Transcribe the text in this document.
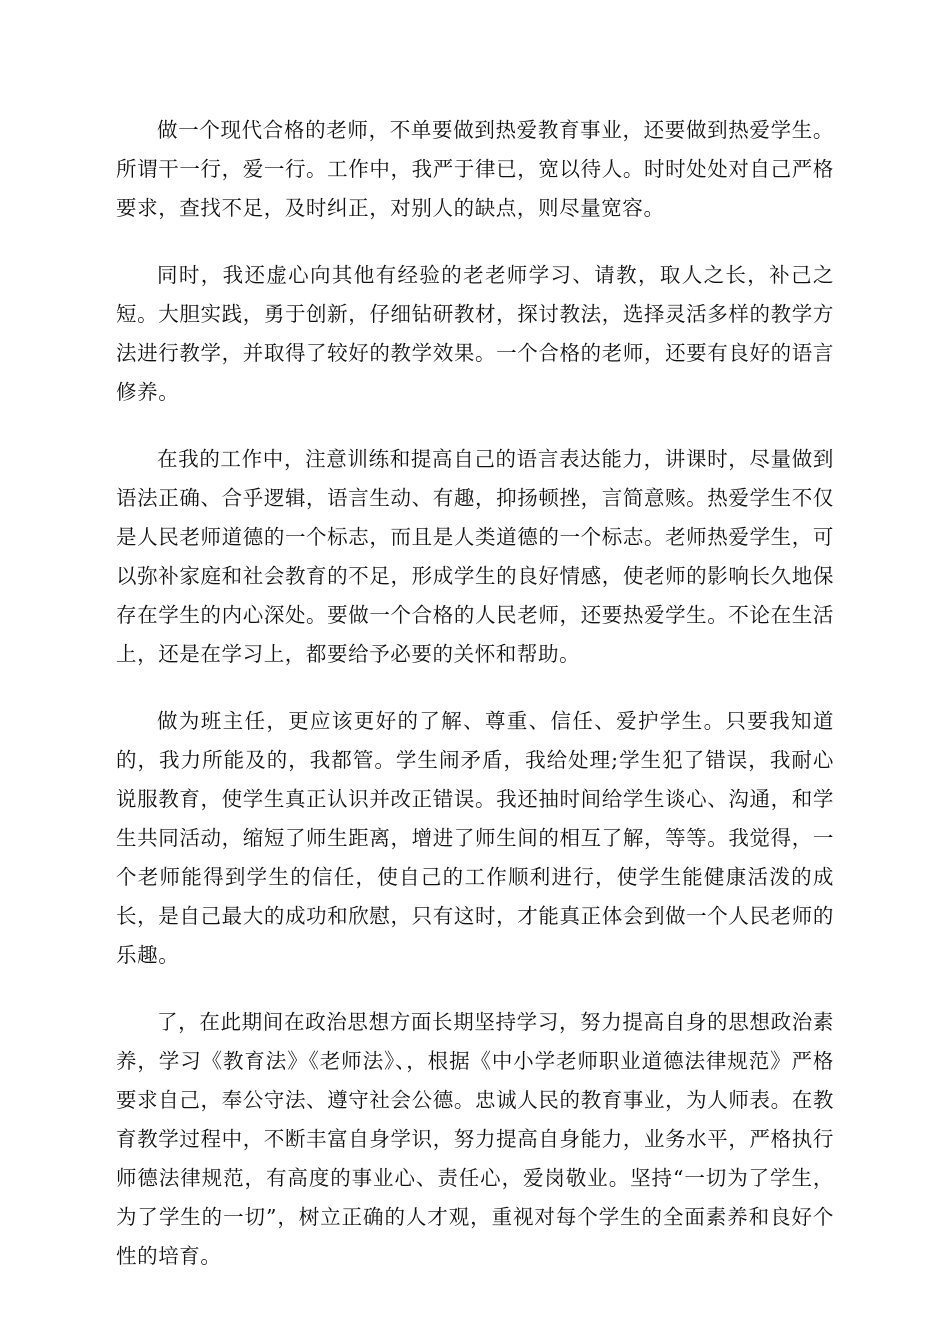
做一个现代合格的老师，不单要做到热爱教育事业，还要做到热爱学生。所谓干一行，爱一行。工作中，我严于律已，宽以待人。时时处处对自己严格要求，查找不足，及时纠正，对别人的缺点，则尽量宽容。

同时，我还虚心向其他有经验的老老师学习、请教，取人之长，补己之短。大胆实践，勇于创新，仔细钻研教材，探讨教法，选择灵活多样的教学方法进行教学，并取得了较好的教学效果。一个合格的老师，还要有良好的语言修养。

在我的工作中，注意训练和提高自己的语言表达能力，讲课时，尽量做到语法正确、合乎逻辑，语言生动、有趣，抑扬顿挫，言简意赅。热爱学生不仅是人民老师道德的一个标志，而且是人类道德的一个标志。老师热爱学生，可以弥补家庭和社会教育的不足，形成学生的良好情感，使老师的影响长久地保存在学生的内心深处。要做一个合格的人民老师，还要热爱学生。不论在生活上，还是在学习上，都要给予必要的关怀和帮助。

做为班主任，更应该更好的了解、尊重、信任、爱护学生。只要我知道的，我力所能及的，我都管。学生闹矛盾，我给处理;学生犯了错误，我耐心说服教育，使学生真正认识并改正错误。我还抽时间给学生谈心、沟通，和学生共同活动，缩短了师生距离，增进了师生间的相互了解，等等。我觉得，一个老师能得到学生的信任，使自己的工作顺利进行，使学生能健康活泼的成长，是自己最大的成功和欣慰，只有这时，才能真正体会到做一个人民老师的乐趣。

了，在此期间在政治思想方面长期坚持学习，努力提高自身的思想政治素养，学习《教育法》《老师法》、，根据《中小学老师职业道德法律规范》严格要求自己，奉公守法、遵守社会公德。忠诚人民的教育事业，为人师表。在教育教学过程中，不断丰富自身学识，努力提高自身能力，业务水平，严格执行师德法律规范，有高度的事业心、责任心，爱岗敬业。坚持“一切为了学生，为了学生的一切”，树立正确的人才观，重视对每个学生的全面素养和良好个性的培育。
